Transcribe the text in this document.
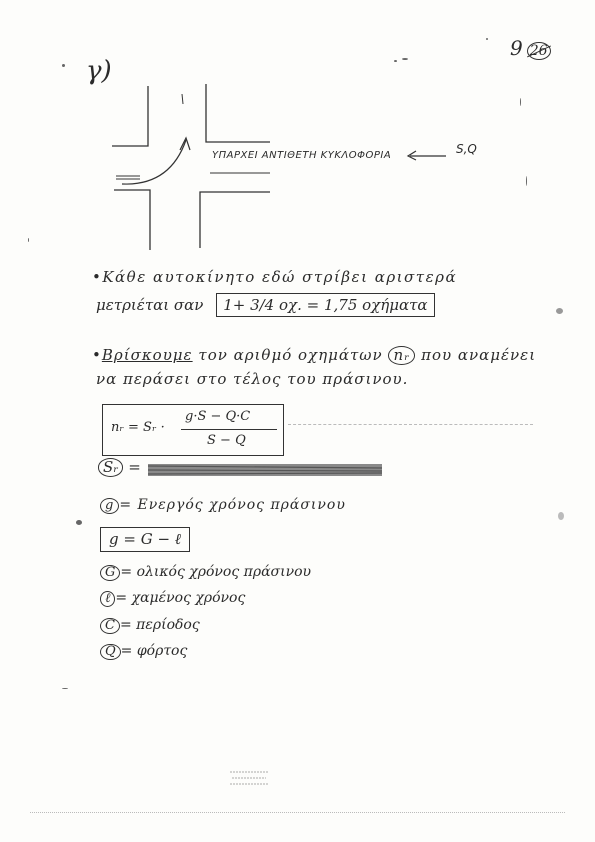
9 26
γ)
ΥΠΑΡΧΕΙ ΑΝΤΙΘΕΤΗ ΚΥΚΛΟΦΟΡΙΑ	S,Q
•Κάθε αυτοκίνητο εδώ στρίβει αριστερά
μετριέται σαν 1+ 3/4 οχ. = 1,75 οχήματα
•Βρίσκουμε τον αριθμό οχημάτων nᵣ που αναμένει
να περάσει στο τέλος του πράσινου.
nᵣ = Sᵣ ·
g·S − Q·C
S − Q
Sᵣ =
g = Ενεργός χρόνος πράσινου
g = G − ℓ
G = ολικός χρόνος πράσινου
ℓ = χαμένος χρόνος
C = περίοδος
Q = φόρτος
